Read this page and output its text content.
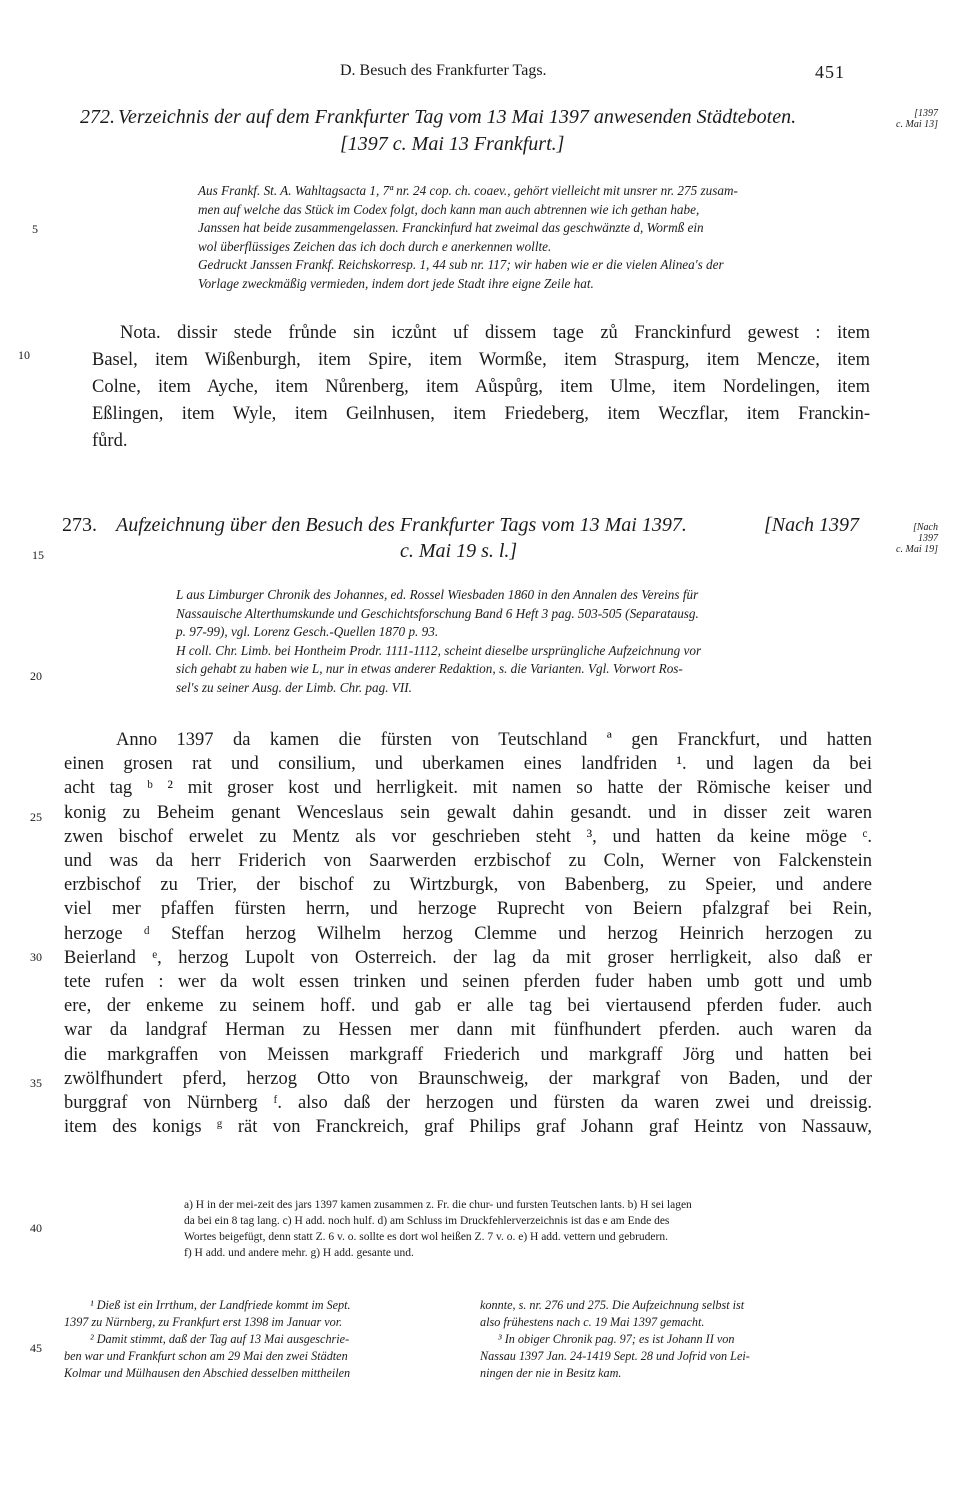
D. Besuch des Frankfurter Tags.	451
272. Verzeichnis der auf dem Frankfurter Tag vom 13 Mai 1397 anwesenden Städteboten.
[1397 c. Mai 13 Frankfurt.]
[1397
c. Mai 13]
Aus Frankf. St. A. Wahltagsacta 1, 7ª nr. 24 cop. ch. coaev., gehört vielleicht mit unsrer nr. 275 zusam-
men auf welche das Stück im Codex folgt, doch kann man auch abtrennen wie ich gethan habe,
Janssen hat beide zusammengelassen. Franckinfurd hat zweimal das geschwänzte d, Wormß ein
wol überflüssiges Zeichen das ich doch durch e anerkennen wollte.
Gedruckt Janssen Frankf. Reichskorresp. 1, 44 sub nr. 117; wir haben wie er die vielen Alinea's der
Vorlage zweckmäßig vermieden, indem dort jede Stadt ihre eigne Zeile hat.
Nota. dissir stede frůnde sin iczůnt uf dissem tage zů Franckinfurd gewest : item
Basel, item Wißenburgh, item Spire, item Wormße, item Straspurg, item Mencze, item
Colne, item Ayche, item Nůrenberg, item Aůspůrg, item Ulme, item Nordelingen, item
Eßlingen, item Wyle, item Geilnhusen, item Friedeberg, item Weczflar, item Franckin-
fůrd.
273. Aufzeichnung über den Besuch des Frankfurter Tags vom 13 Mai 1397.	[Nach 1397
c. Mai 19 s. l.]
[Nach
1397
c. Mai 19]
L aus Limburger Chronik des Johannes, ed. Rossel Wiesbaden 1860 in den Annalen des Vereins für
Nassauische Alterthumskunde und Geschichtsforschung Band 6 Heft 3 pag. 503-505 (Separatausg.
p. 97-99), vgl. Lorenz Gesch.-Quellen 1870 p. 93.
H coll. Chr. Limb. bei Hontheim Prodr. 1111-1112, scheint dieselbe ursprüngliche Aufzeichnung vor
sich gehabt zu haben wie L, nur in etwas anderer Redaktion, s. die Varianten. Vgl. Vorwort Ros-
sel's zu seiner Ausg. der Limb. Chr. pag. VII.
Anno 1397 da kamen die fürsten von Teutschland ª gen Franckfurt, und hatten
einen grosen rat und consilium, und uberkamen eines landfriden ¹. und lagen da bei
acht tag ᵇ ² mit groser kost und herrligkeit. mit namen so hatte der Römische keiser und
konig zu Beheim genant Wenceslaus sein gewalt dahin gesandt. und in disser zeit waren
zwen bischof erwelet zu Mentz als vor geschrieben steht ³, und hatten da keine möge ᶜ.
und was da herr Friderich von Saarwerden erzbischof zu Coln, Werner von Falckenstein
erzbischof zu Trier, der bischof zu Wirtzburgk, von Babenberg, zu Speier, und andere
viel mer pfaffen fürsten herrn, und herzoge Ruprecht von Beiern pfalzgraf bei Rein,
herzoge ᵈ Steffan herzog Wilhelm herzog Clemme und herzog Heinrich herzogen zu
Beierland ᵉ, herzog Lupolt von Osterreich. der lag da mit groser herrligkeit, also daß er
tete rufen : wer da wolt essen trinken und seinen pferden fuder haben umb gott und umb
ere, der enkeme zu seinem hoff. und gab er alle tag bei viertausend pferden fuder. auch
war da landgraf Herman zu Hessen mer dann mit fünfhundert pferden. auch waren da
die markgraffen von Meissen markgraff Friederich und markgraff Jörg und hatten bei
zwölfhundert pferd, herzog Otto von Braunschweig, der markgraf von Baden, und der
burggraf von Nürnberg ᶠ. also daß der herzogen und fürsten da waren zwei und dreissig.
item des konigs ᵍ rät von Franckreich, graf Philips graf Johann graf Heintz von Nassauw,
a) H in der mei-zeit des jars 1397 kamen zusammen z. Fr. die chur- und fursten Teutschen lants. b) H sei lagen
da bei ein 8 tag lang. c) H add. noch hulf. d) am Schluss im Druckfehlerverzeichnis ist das e am Ende des
Wortes beigefügt, denn statt Z. 6 v. o. sollte es dort wol heißen Z. 7 v. o. e) H add. vettern und gebrudern.
f) H add. und andere mehr. g) H add. gesante und.
¹ Dieß ist ein Irrthum, der Landfriede kommt im Sept.
1397 zu Nürnberg, zu Frankfurt erst 1398 im Januar vor.
² Damit stimmt, daß der Tag auf 13 Mai ausgeschrie-
ben war und Frankfurt schon am 29 Mai den zwei Städten
Kolmar und Mülhausen den Abschied desselben mittheilen
konnte, s. nr. 276 und 275. Die Aufzeichnung selbst ist
also frühestens nach c. 19 Mai 1397 gemacht.
³ In obiger Chronik pag. 97; es ist Johann II von
Nassau 1397 Jan. 24-1419 Sept. 28 und Jofrid von Lei-
ningen der nie in Besitz kam.
5
10
15
20
25
30
35
40
45
